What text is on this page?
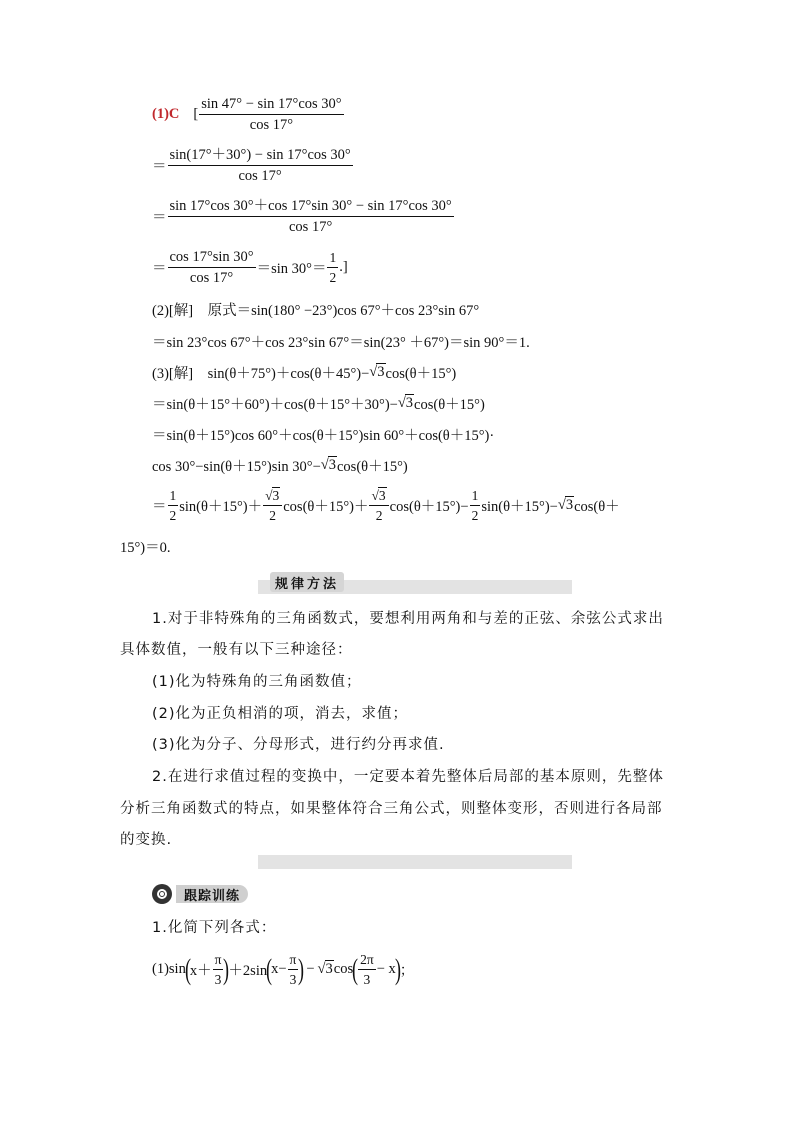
(1)C [ $\frac{\sin 47^\circ - \sin 17^\circ\cos 30^\circ}{\cos 17^\circ}$
＝ $\frac{\sin(17^\circ+30^\circ) - \sin 17^\circ\cos 30^\circ}{\cos 17^\circ}$
＝ $\frac{\sin 17^\circ\cos 30^\circ+\cos 17^\circ\sin 30^\circ - \sin 17^\circ\cos 30^\circ}{\cos 17^\circ}$
＝ $\frac{\cos 17^\circ\sin 30^\circ}{\cos 17^\circ} =\sin$ $30^\circ= \frac{1}{2}$ .]
(2)[解]　原式＝sin(180° −23°)cos 67°＋cos 23°sin 67°
＝sin 23°cos 67°＋cos 23°sin 67°＝sin(23° ＋67°)＝sin 90°＝1.
(3)[解]　sin(θ＋75°)＋cos(θ＋45°)− √3 cos(θ＋15°)
＝sin(θ＋15°＋60°)＋cos(θ＋15°＋30°)− √3 cos(θ＋15°)
＝sin(θ＋15°)cos 60°＋cos(θ＋15°)sin 60°＋cos(θ＋15°)·
cos 30°−sin(θ＋15°)sin 30°− √3 cos(θ＋15°)
＝ $\frac{1}{2} \sin(\theta+15^\circ)+ \frac{√3}{2} \cos(\theta+15^\circ)+ \frac{√3}{2} \cos(\theta+15^\circ)- \frac{1}{2} \sin(\theta+15^\circ)- √3$ cos(θ＋
15°)＝0.
规律方法
1.对于非特殊角的三角函数式，要想利用两角和与差的正弦、余弦公式求出
具体数值，一般有以下三种途径：
(1)化为特殊角的三角函数值；
(2)化为正负相消的项，消去，求值；
(3)化为分子、分母形式，进行约分再求值.
2.在进行求值过程的变换中，一定要本着先整体后局部的基本原则，先整体
分析三角函数式的特点，如果整体符合三角公式，则整体变形，否则进行各局部
的变换.
跟踪训练
1.化简下列各式：
(1)sin ( $x+ \frac{\pi}{3}$ ) ＋2sin ( $x- \frac{\pi}{3}$ ) − √3 cos ( $\frac{2\pi}{3} - x$ ) ；
